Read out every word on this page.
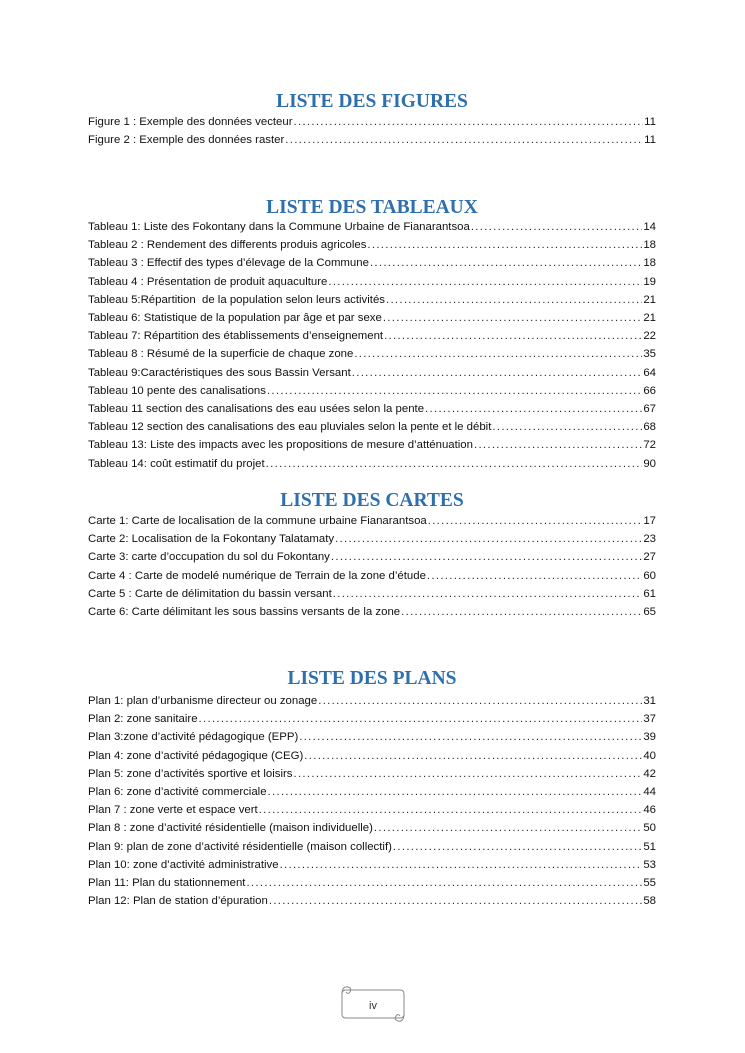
LISTE DES FIGURES
Figure 1 : Exemple des données vecteur .....	11
Figure 2 : Exemple des données raster .....	11
LISTE DES TABLEAUX
Tableau 1: Liste des Fokontany dans la Commune Urbaine de Fianarantsoa .....	14
Tableau 2 : Rendement des differents produis agricoles .....	18
Tableau 3 : Effectif des types d’élevage de la Commune .....	18
Tableau 4 : Présentation de produit aquaculture .....	19
Tableau 5:Répartition  de la population selon leurs activités .....	21
Tableau 6: Statistique de la population par âge et par sexe .....	21
Tableau 7: Répartition des établissements d’enseignement .....	22
Tableau 8 : Résumé de la superficie de chaque zone .....	35
Tableau 9:Caractéristiques des sous Bassin Versant .....	64
Tableau 10 pente des canalisations .....	66
Tableau 11 section des canalisations des eau usées selon la pente .....	67
Tableau 12 section des canalisations des eau pluviales selon la pente et le débit .....	68
Tableau 13: Liste des impacts avec les propositions de mesure d’atténuation .....	72
Tableau 14: coût estimatif du projet .....	90
LISTE DES CARTES
Carte 1: Carte de localisation de la commune urbaine Fianarantsoa .....	17
Carte 2: Localisation de la Fokontany Talatamaty .....	23
Carte 3: carte d’occupation du sol du Fokontany .....	27
Carte 4 : Carte de modelé numérique de Terrain de la zone d’étude .....	60
Carte 5 : Carte de délimitation du bassin versant .....	61
Carte 6: Carte délimitant les sous bassins versants de la zone .....	65
LISTE DES PLANS
Plan 1: plan d’urbanisme directeur ou zonage .....	31
Plan 2: zone sanitaire .....	37
Plan 3:zone d’activité pédagogique (EPP) .....	39
Plan 4: zone d’activité pédagogique (CEG) .....	40
Plan 5: zone d’activités sportive et loisirs .....	42
Plan 6: zone d’activité commerciale .....	44
Plan 7 : zone verte et espace vert .....	46
Plan 8 : zone d’activité résidentielle (maison individuelle) .....	50
Plan 9: plan de zone d’activité résidentielle (maison collectif) .....	51
Plan 10: zone d’activité administrative .....	53
Plan 11: Plan du stationnement .....	55
Plan 12: Plan de station d’épuration .....	58
iv
